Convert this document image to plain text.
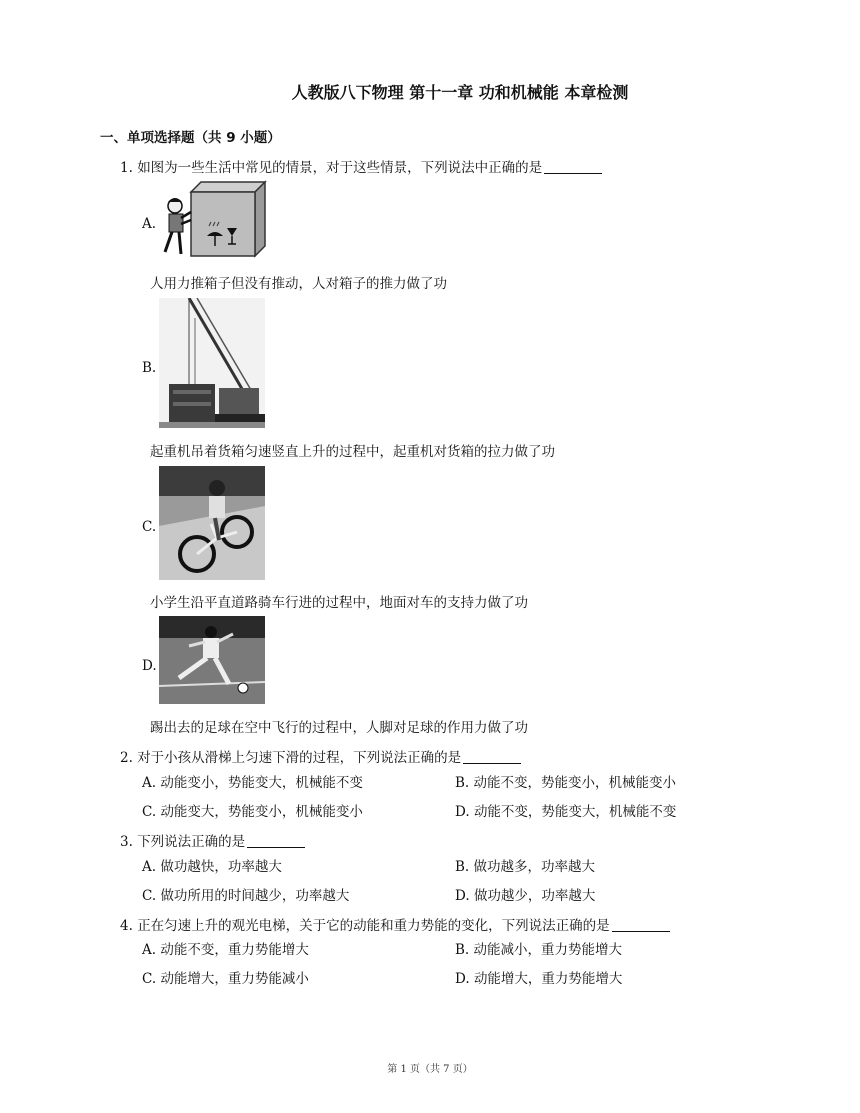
人教版八下物理 第十一章 功和机械能 本章检测
一、单项选择题（共 9 小题）
1. 如图为一些生活中常见的情景，对于这些情景，下列说法中正确的是
A.
人用力推箱子但没有推动，人对箱子的推力做了功
B.
起重机吊着货箱匀速竖直上升的过程中，起重机对货箱的拉力做了功
C.
小学生沿平直道路骑车行进的过程中，地面对车的支持力做了功
D.
踢出去的足球在空中飞行的过程中，人脚对足球的作用力做了功
2. 对于小孩从滑梯上匀速下滑的过程，下列说法正确的是
A. 动能变小，势能变大，机械能不变	B. 动能不变，势能变小，机械能变小
C. 动能变大，势能变小，机械能变小	D. 动能不变，势能变大，机械能不变
3. 下列说法正确的是
A. 做功越快，功率越大	B. 做功越多，功率越大
C. 做功所用的时间越少，功率越大	D. 做功越少，功率越大
4. 正在匀速上升的观光电梯，关于它的动能和重力势能的变化，下列说法正确的是
A. 动能不变，重力势能增大	B. 动能减小，重力势能增大
C. 动能增大，重力势能减小	D. 动能增大，重力势能增大
第 1 页（共 7 页）
